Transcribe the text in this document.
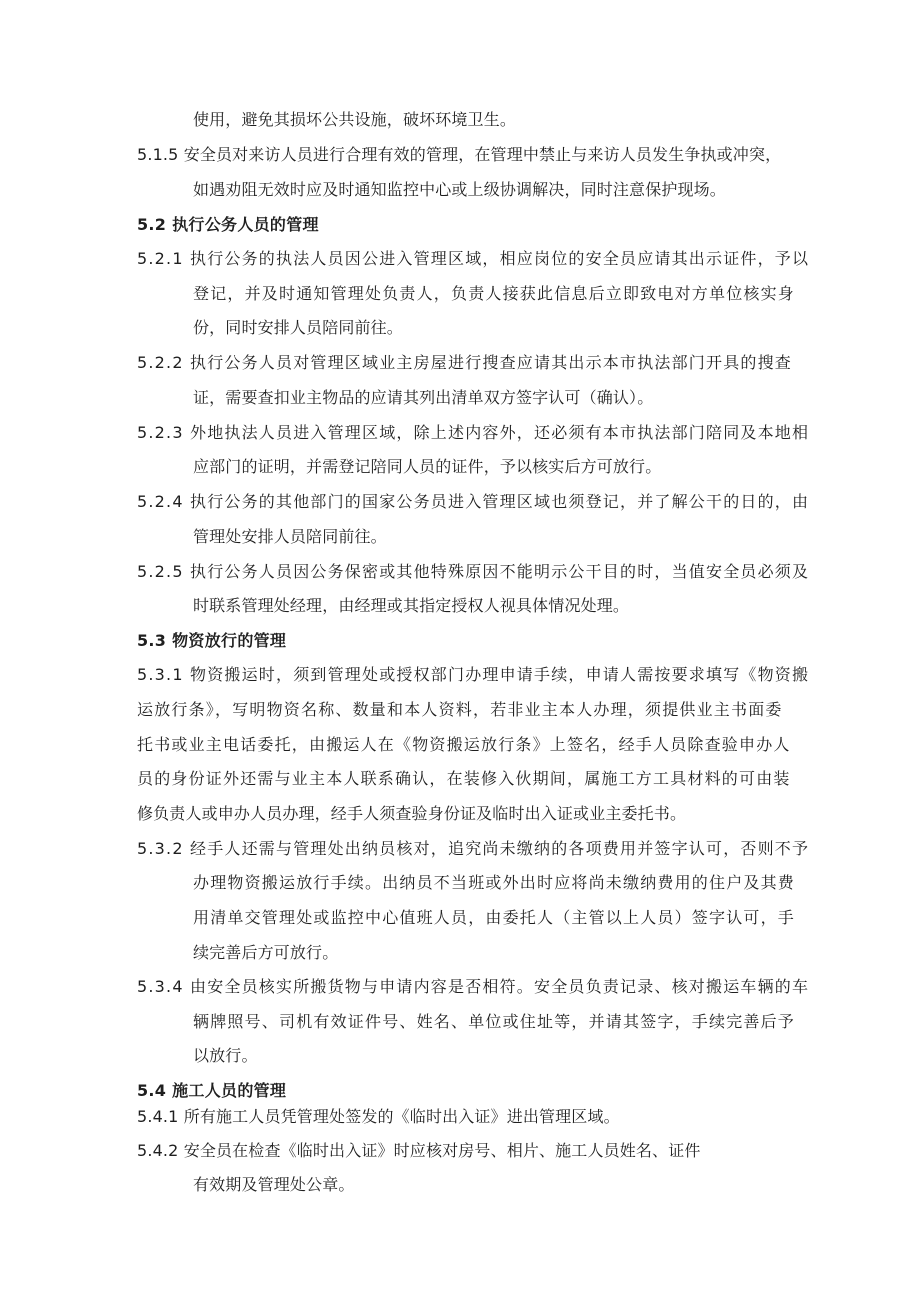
使用，避免其损坏公共设施，破坏环境卫生。
5.1.5 安全员对来访人员进行合理有效的管理，在管理中禁止与来访人员发生争执或冲突，
如遇劝阻无效时应及时通知监控中心或上级协调解决，同时注意保护现场。
5.2 执行公务人员的管理
5.2.1 执行公务的执法人员因公进入管理区域，相应岗位的安全员应请其出示证件，予以
登记，并及时通知管理处负责人，负责人接获此信息后立即致电对方单位核实身
份，同时安排人员陪同前往。
5.2.2 执行公务人员对管理区域业主房屋进行搜查应请其出示本市执法部门开具的搜查
证，需要查扣业主物品的应请其列出清单双方签字认可（确认）。
5.2.3 外地执法人员进入管理区域，除上述内容外，还必须有本市执法部门陪同及本地相
应部门的证明，并需登记陪同人员的证件，予以核实后方可放行。
5.2.4 执行公务的其他部门的国家公务员进入管理区域也须登记，并了解公干的日的，由
管理处安排人员陪同前往。
5.2.5 执行公务人员因公务保密或其他特殊原因不能明示公干目的时，当值安全员必须及
时联系管理处经理，由经理或其指定授权人视具体情况处理。
5.3 物资放行的管理
5.3.1 物资搬运时，须到管理处或授权部门办理申请手续，申请人需按要求填写《物资搬
运放行条》，写明物资名称、数量和本人资料，若非业主本人办理，须提供业主书面委
托书或业主电话委托，由搬运人在《物资搬运放行条》上签名，经手人员除查验申办人
员的身份证外还需与业主本人联系确认，在装修入伙期间，属施工方工具材料的可由装
修负责人或申办人员办理，经手人须查验身份证及临时出入证或业主委托书。
5.3.2 经手人还需与管理处出纳员核对，追究尚未缴纳的各项费用并签字认可，否则不予
办理物资搬运放行手续。出纳员不当班或外出时应将尚未缴纳费用的住户及其费
用清单交管理处或监控中心值班人员，由委托人（主管以上人员）签字认可，手
续完善后方可放行。
5.3.4 由安全员核实所搬货物与申请内容是否相符。安全员负责记录、核对搬运车辆的车
辆牌照号、司机有效证件号、姓名、单位或住址等，并请其签字，手续完善后予
以放行。
5.4 施工人员的管理
5.4.1 所有施工人员凭管理处签发的《临时出入证》进出管理区域。
5.4.2 安全员在检查《临时出入证》时应核对房号、相片、施工人员姓名、证件
有效期及管理处公章。
